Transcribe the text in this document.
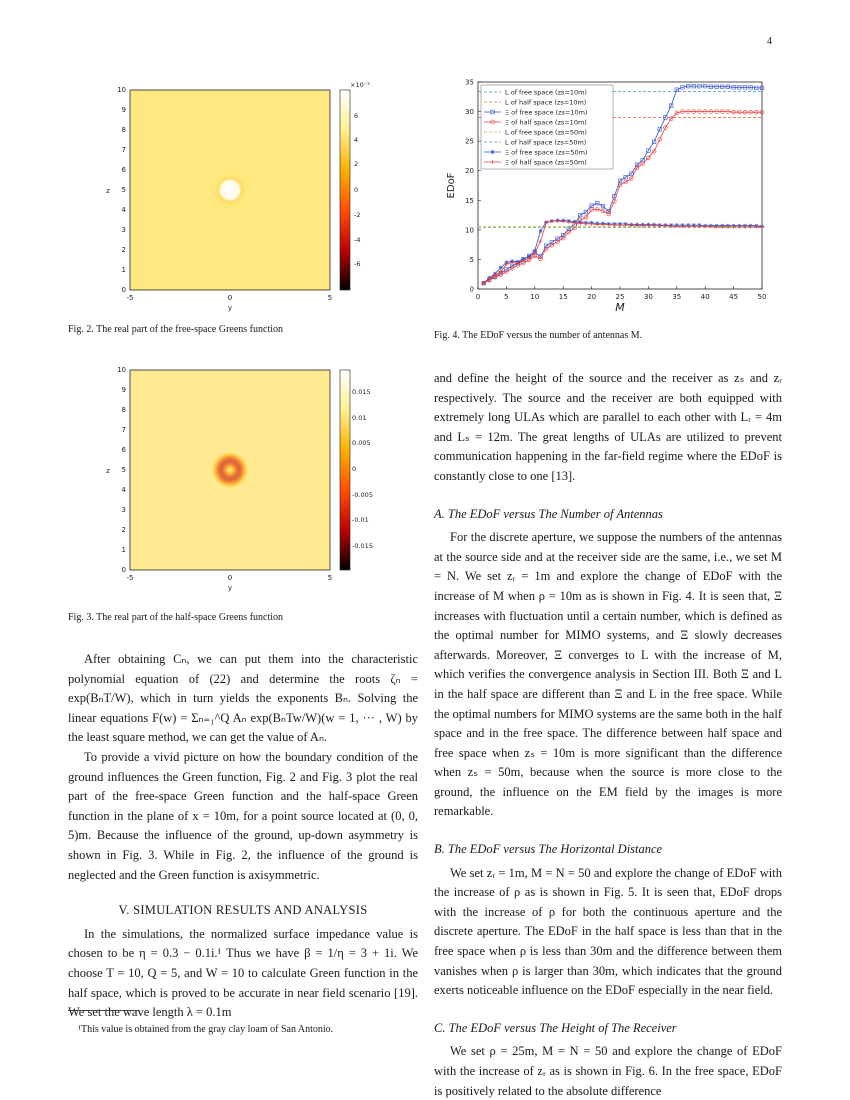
4
10
9
8
7
6
5
4
3
2
1
0
-5	0	5
y
z
×10⁻³
6
4
2
0
-2
-4
-6
Fig. 2. The real part of the free-space Greens function
10
9
8
7
6
5
4
3
2
1
0
-5	0	5
y
z
0.015
0.01
0.005
0
-0.005
-0.01
-0.015
Fig. 3. The real part of the half-space Greens function
0	5	10	15	20	25	30	35	40	45	50
0
5
10
15
20
25
30
35
M
EDoF
L of free space (zs=10m)
L of half space (zs=10m)
Ξ of free space (zs=10m)
Ξ of half space (zs=10m)
L of free space (zs=50m)
L of half space (zs=50m)
Ξ of free space (zs=50m)
Ξ of half space (zs=50m)
Fig. 4. The EDoF versus the number of antennas M.

After obtaining Cₙ, we can put them into the characteristic polynomial equation of (22) and determine the roots ζₙ = exp(BₙT/W), which in turn yields the exponents Bₙ. Solving the linear equations F(w) = Σₙ₌₁^Q Aₙ exp(BₙTw/W)(w = 1, ··· , W) by the least square method, we can get the value of Aₙ.

To provide a vivid picture on how the boundary condition of the ground influences the Green function, Fig. 2 and Fig. 3 plot the real part of the free-space Green function and the half-space Green function in the plane of x = 10m, for a point source located at (0, 0, 5)m. Because the influence of the ground, up-down asymmetry is shown in Fig. 3. While in Fig. 2, the influence of the ground is neglected and the Green function is axisymmetric.

V. SIMULATION RESULTS AND ANALYSIS

In the simulations, the normalized surface impedance value is chosen to be η = 0.3 − 0.1i.¹ Thus we have β = 1/η = 3 + 1i. We choose T = 10, Q = 5, and W = 10 to calculate Green function in the half space, which is proved to be accurate in near field scenario [19]. We set the wave length λ = 0.1m

¹This value is obtained from the gray clay loam of San Antonio.

and define the height of the source and the receiver as zₛ and zᵣ respectively. The source and the receiver are both equipped with extremely long ULAs which are parallel to each other with Lᵣ = 4m and Lₛ = 12m. The great lengths of ULAs are utilized to prevent communication happening in the far-field regime where the EDoF is constantly close to one [13].

A. The EDoF versus The Number of Antennas

For the discrete aperture, we suppose the numbers of the antennas at the source side and at the receiver side are the same, i.e., we set M = N. We set zᵣ = 1m and explore the change of EDoF with the increase of M when ρ = 10m as is shown in Fig. 4. It is seen that, Ξ increases with fluctuation until a certain number, which is defined as the optimal number for MIMO systems, and Ξ slowly decreases afterwards. Moreover, Ξ converges to L with the increase of M, which verifies the convergence analysis in Section III. Both Ξ and L in the half space are different than Ξ and L in the free space. While the optimal numbers for MIMO systems are the same both in the half space and in the free space. The difference between half space and free space when zₛ = 10m is more significant than the difference when zₛ = 50m, because when the source is more close to the ground, the influence on the EM field by the images is more remarkable.

B. The EDoF versus The Horizontal Distance

We set zᵣ = 1m, M = N = 50 and explore the change of EDoF with the increase of ρ as is shown in Fig. 5. It is seen that, EDoF drops with the increase of ρ for both the continuous aperture and the discrete aperture. The EDoF in the half space is less than that in the free space when ρ is less than 30m and the difference between them vanishes when ρ is larger than 30m, which indicates that the ground exerts noticeable influence on the EDoF especially in the near field.

C. The EDoF versus The Height of The Receiver

We set ρ = 25m, M = N = 50 and explore the change of EDoF with the increase of zᵣ as is shown in Fig. 6. In the free space, EDoF is positively related to the absolute difference
